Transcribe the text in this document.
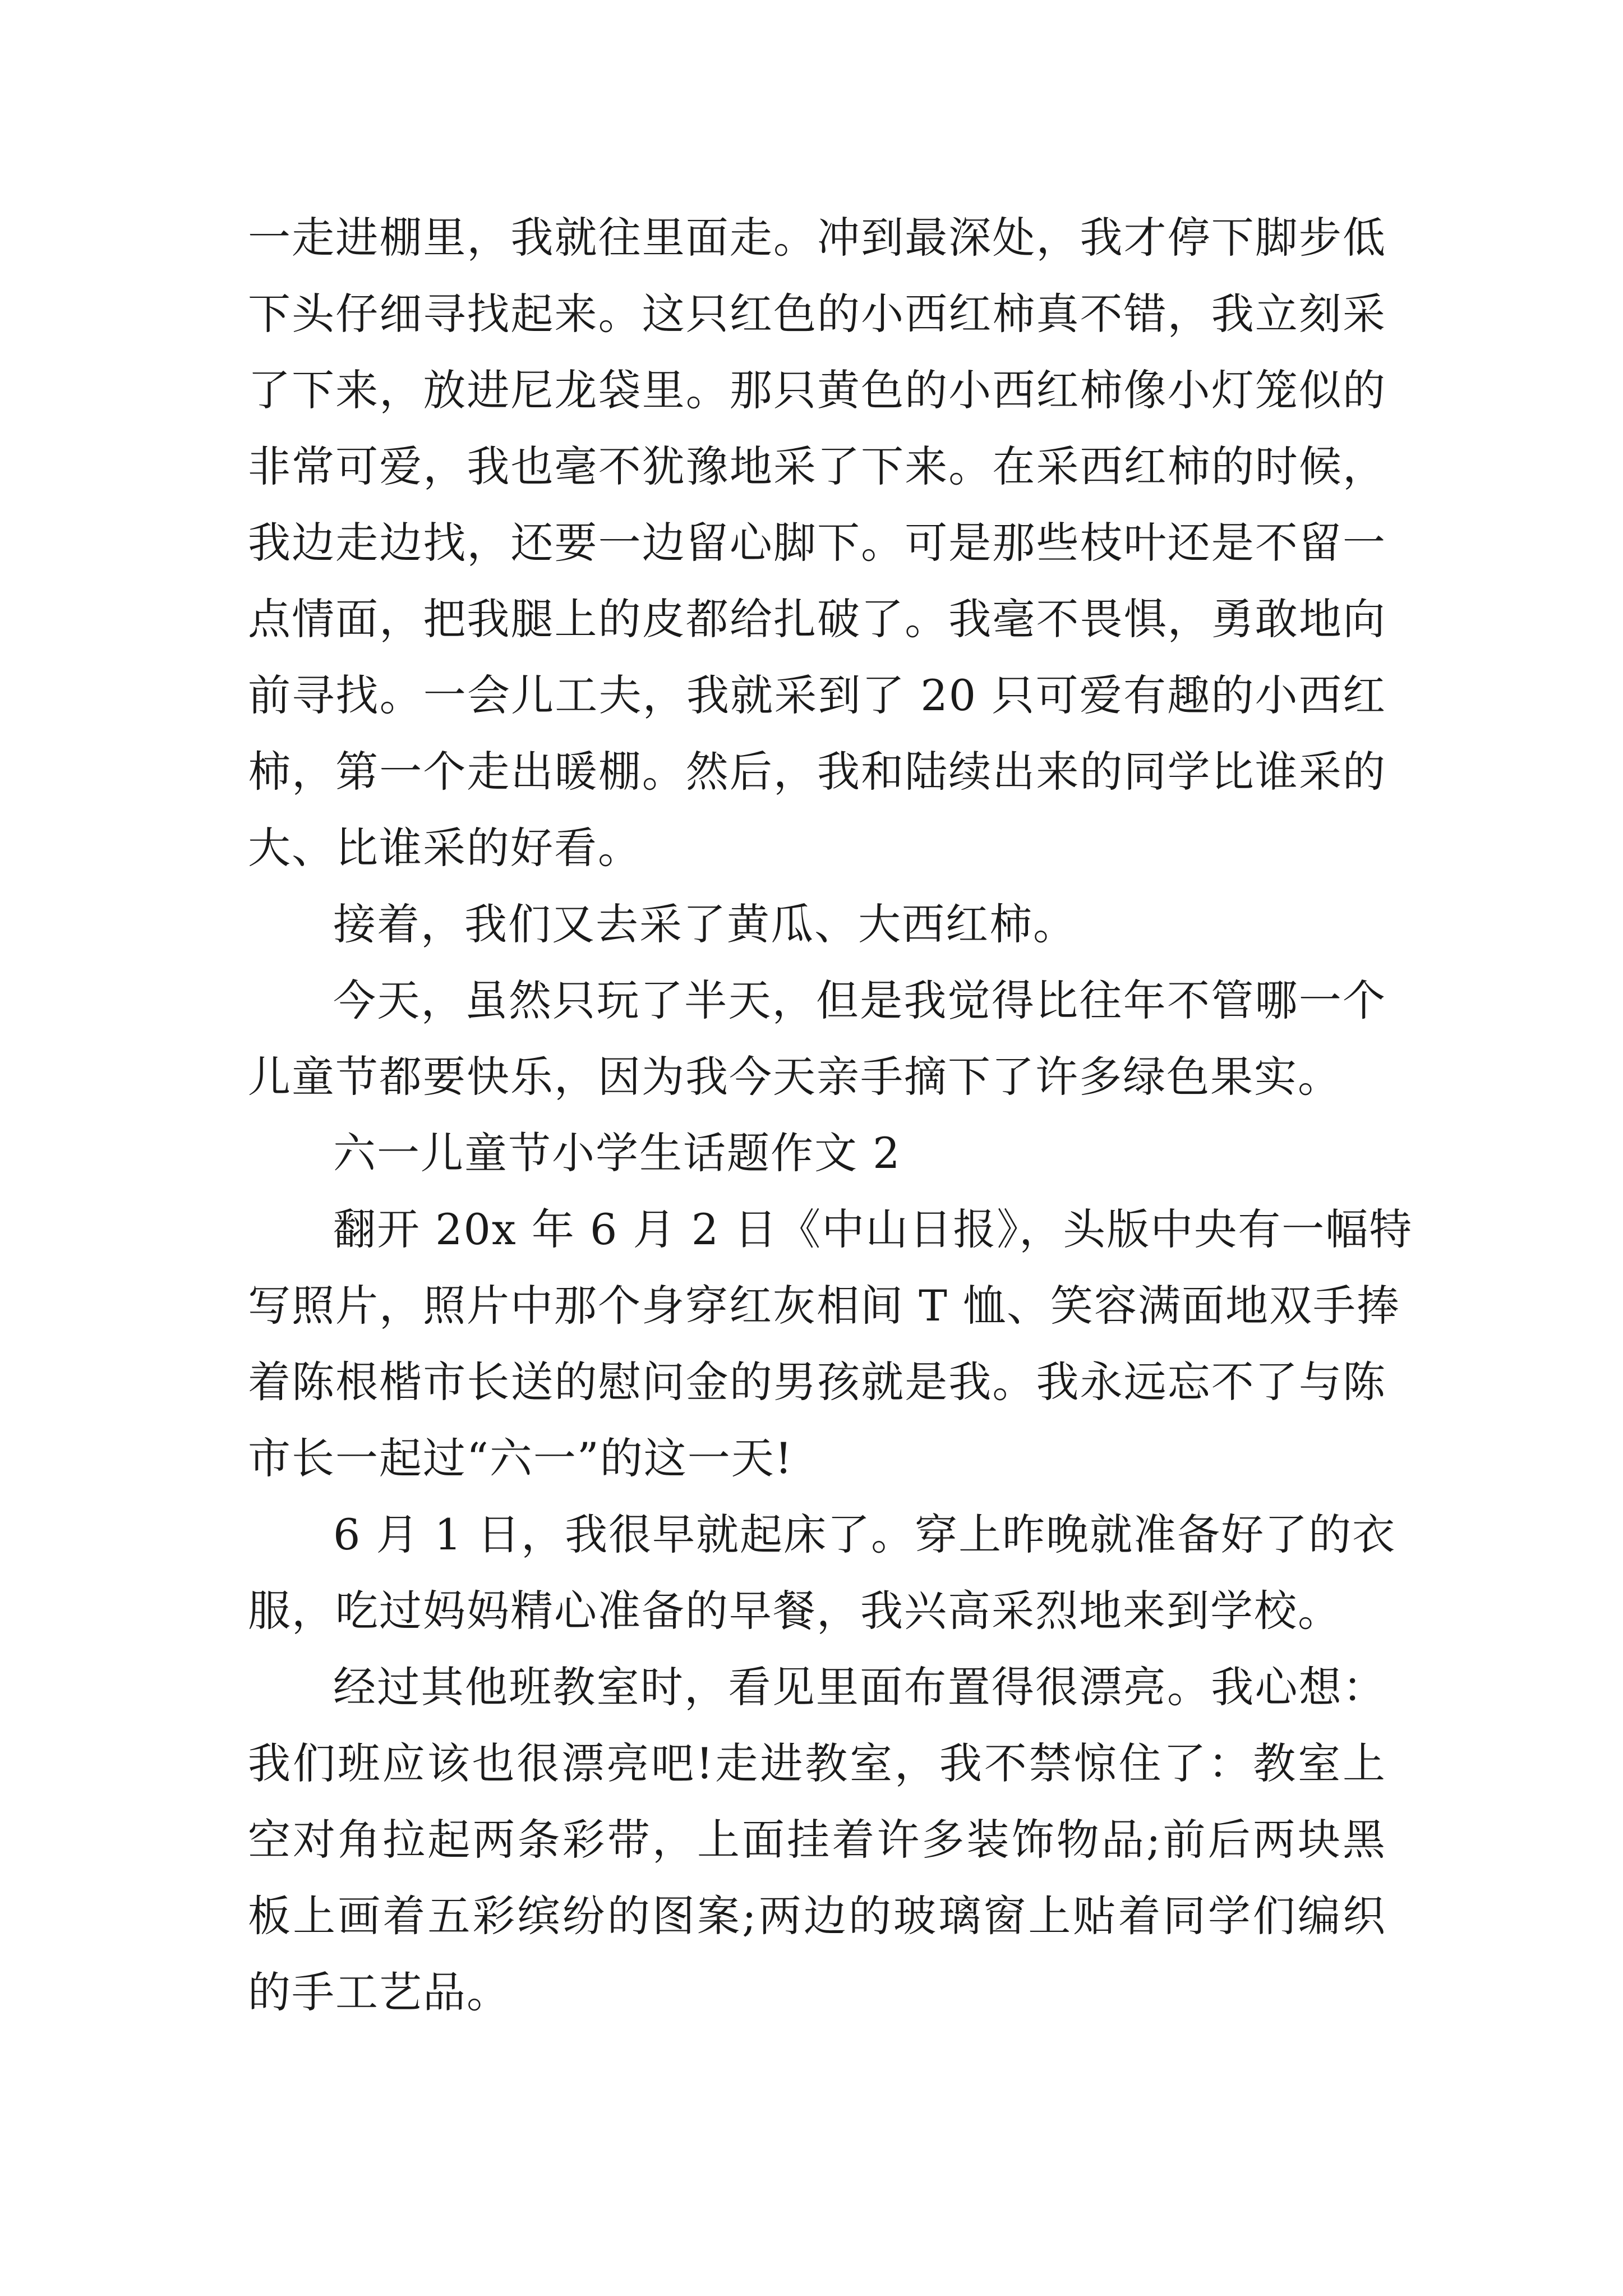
一走进棚里，我就往里面走。冲到最深处，我才停下脚步低
下头仔细寻找起来。这只红色的小西红柿真不错，我立刻采
了下来，放进尼龙袋里。那只黄色的小西红柿像小灯笼似的
非常可爱，我也毫不犹豫地采了下来。在采西红柿的时候，
我边走边找，还要一边留心脚下。可是那些枝叶还是不留一
点情面，把我腿上的皮都给扎破了。我毫不畏惧，勇敢地向
前寻找。一会儿工夫，我就采到了 20 只可爱有趣的小西红
柿，第一个走出暖棚。然后，我和陆续出来的同学比谁采的
大、比谁采的好看。
接着，我们又去采了黄瓜、大西红柿。
今天，虽然只玩了半天，但是我觉得比往年不管哪一个
儿童节都要快乐，因为我今天亲手摘下了许多绿色果实。
六一儿童节小学生话题作文 2
翻开 20x 年 6 月 2 日《中山日报》，头版中央有一幅特
写照片，照片中那个身穿红灰相间 T 恤、笑容满面地双手捧
着陈根楷市长送的慰问金的男孩就是我。我永远忘不了与陈
市长一起过“六一”的这一天!
6 月 1 日，我很早就起床了。穿上昨晚就准备好了的衣
服，吃过妈妈精心准备的早餐，我兴高采烈地来到学校。
经过其他班教室时，看见里面布置得很漂亮。我心想：
我们班应该也很漂亮吧!走进教室，我不禁惊住了：教室上
空对角拉起两条彩带，上面挂着许多装饰物品;前后两块黑
板上画着五彩缤纷的图案;两边的玻璃窗上贴着同学们编织
的手工艺品。
